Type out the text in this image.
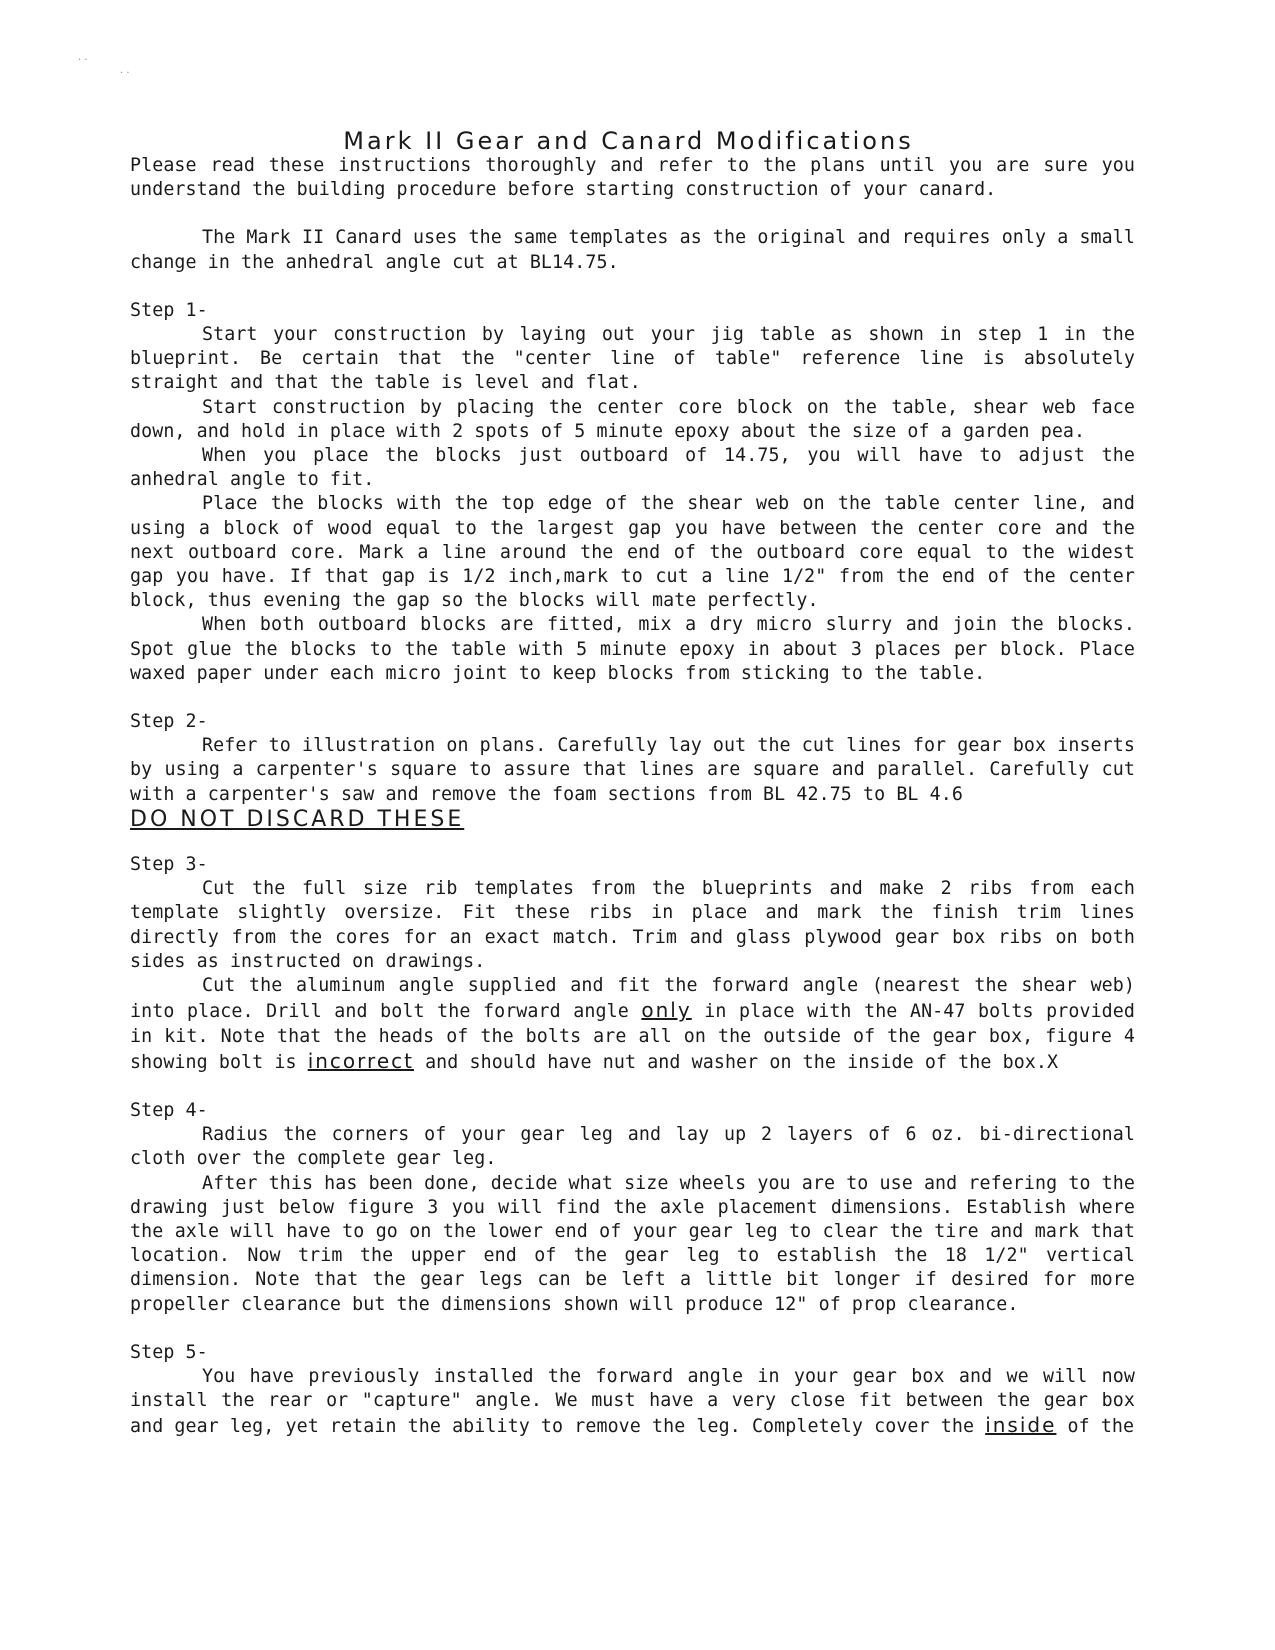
· ·
· ·
Mark II Gear and Canard Modifications

Please read these instructions thoroughly and refer to the plans until you are sure you understand the building procedure before starting construction of your canard.

The Mark II Canard uses the same templates as the original and requires only a small change in the anhedral angle cut at BL14.75.

Step 1-

Start your construction by laying out your jig table as shown in step 1 in the blueprint. Be certain that the "center line of table" reference line is absolutely straight and that the table is level and flat.

Start construction by placing the center core block on the table, shear web face down, and hold in place with 2 spots of 5 minute epoxy about the size of a garden pea.

When you place the blocks just outboard of 14.75, you will have to adjust the anhedral angle to fit.

Place the blocks with the top edge of the shear web on the table center line, and using a block of wood equal to the largest gap you have between the center core and the next outboard core. Mark a line around the end of the outboard core equal to the widest gap you have. If that gap is 1/2 inch,mark to cut a line 1/2" from the end of the center block, thus evening the gap so the blocks will mate perfectly.

When both outboard blocks are fitted, mix a dry micro slurry and join the blocks. Spot glue the blocks to the table with 5 minute epoxy in about 3 places per block. Place waxed paper under each micro joint to keep blocks from sticking to the table.

Step 2-

Refer to illustration on plans. Carefully lay out the cut lines for gear box inserts by using a carpenter's square to assure that lines are square and parallel. Carefully cut with a carpenter's saw and remove the foam sections from BL 42.75 to BL 4.6

DO NOT DISCARD THESE

Step 3-

Cut the full size rib templates from the blueprints and make 2 ribs from each template slightly oversize. Fit these ribs in place and mark the finish trim lines directly from the cores for an exact match. Trim and glass plywood gear box ribs on both sides as instructed on drawings.

Cut the aluminum angle supplied and fit the forward angle (nearest the shear web) into place. Drill and bolt the forward angle only in place with the AN-47 bolts provided in kit. Note that the heads of the bolts are all on the outside of the gear box, figure 4 showing bolt is incorrect and should have nut and washer on the inside of the box.X

Step 4-

Radius the corners of your gear leg and lay up 2 layers of 6 oz. bi-directional cloth over the complete gear leg.

After this has been done, decide what size wheels you are to use and refering to the drawing just below figure 3 you will find the axle placement dimensions. Establish where the axle will have to go on the lower end of your gear leg to clear the tire and mark that location. Now trim the upper end of the gear leg to establish the 18 1/2" vertical dimension. Note that the gear legs can be left a little bit longer if desired for more propeller clearance but the dimensions shown will produce 12" of prop clearance.

Step 5-

You have previously installed the forward angle in your gear box and we will now install the rear or "capture" angle. We must have a very close fit between the gear box and gear leg, yet retain the ability to remove the leg. Completely cover the inside of the
